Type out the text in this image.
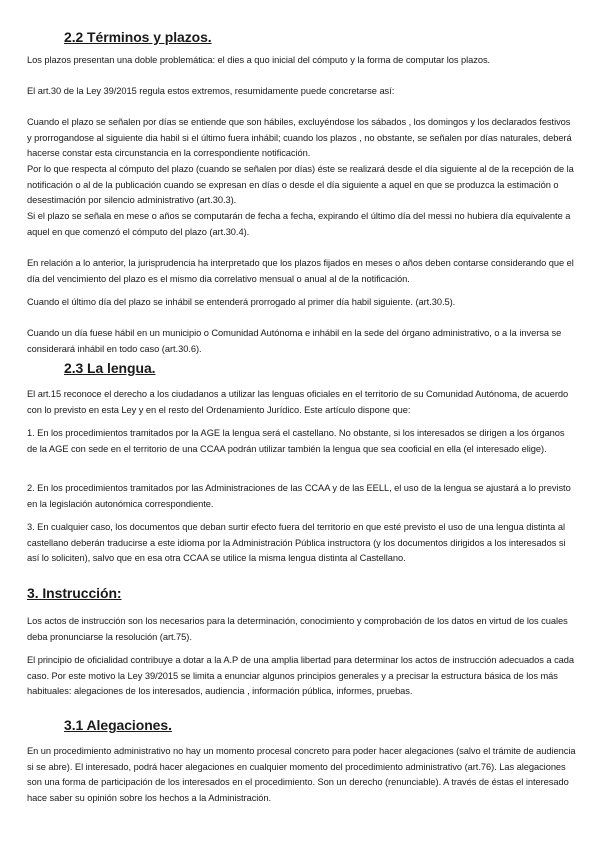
2.2 Términos y plazos.

Los plazos presentan una doble problemática: el dies a quo inicial del cómputo y la forma de computar los plazos.

El art.30 de la Ley 39/2015 regula estos extremos, resumidamente puede concretarse así:

Cuando el plazo se señalen por días se entiende que son hábiles, excluyéndose los sábados , los domingos y los declarados festivos y prorrogandose al siguiente dia habil si el último fuera inhábil; cuando los plazos , no obstante, se señalen por días naturales, deberá hacerse constar esta circunstancia en la correspondiente notificación.

Por lo que respecta al cómputo del plazo (cuando se señalen por días) éste se realizará desde el día siguiente al de la recepción de la notificación o al de la publicación cuando se expresan en días o desde el día siguiente a aquel en que se produzca la estimación o desestimación por silencio administrativo (art.30.3).

Si el plazo se señala en mese o años se computarán de fecha a fecha, expirando el último día del messi no hubiera día equivalente a aquel en que comenzó el cómputo del plazo (art.30.4).

En relación a lo anterior, la jurisprudencia ha interpretado que los plazos fijados en meses o años deben contarse considerando que el día del vencimiento del plazo es el mismo dia correlativo mensual o anual al de la notificación.

Cuando el último día del plazo se inhábil se entenderá prorrogado al primer día habil siguiente. (art.30.5).

Cuando un día fuese hábil en un municipio o Comunidad Autónoma e inhábil en la sede del órgano administrativo, o a la inversa se considerará inhábil en todo caso (art.30.6).

2.3 La lengua.

El art.15 reconoce el derecho a los ciudadanos a utilizar las lenguas oficiales en el territorio de su Comunidad Autónoma, de acuerdo con lo previsto en esta Ley y en el resto del Ordenamiento Jurídico. Este artículo dispone que:

1. En los procedimientos tramitados por la AGE la lengua será el castellano. No obstante, si los interesados se dirigen a los órganos de la AGE con sede en el territorio de una CCAA podrán utilizar también la lengua que sea cooficial en ella (el interesado elige).

2. En los procedimientos tramitados por las Administraciones de las CCAA y de las EELL, el uso de la lengua se ajustará a lo previsto en la legislación autonómica correspondiente.

3. En cualquier caso, los documentos que deban surtir efecto fuera del territorio en que esté previsto el uso de una lengua distinta al castellano deberán traducirse a este idioma por la Administración Pública instructora (y los documentos dirigidos a los interesados si así lo soliciten), salvo que en esa otra CCAA se utilice la misma lengua distinta al Castellano.

3. Instrucción:

Los actos de instrucción son los necesarios para la determinación, conocimiento y comprobación de los datos en virtud de los cuales deba pronunciarse la resolución (art.75).

El principio de oficialidad contribuye a dotar a la A.P de una amplia libertad para determinar los actos de instrucción adecuados a cada caso. Por este motivo la Ley 39/2015 se limita a enunciar algunos principios generales y a precisar la estructura básica de los más habituales: alegaciones de los interesados, audiencia , información pública, informes, pruebas.

3.1 Alegaciones.

En un procedimiento administrativo no hay un momento procesal concreto para poder hacer alegaciones (salvo el trámite de audiencia si se abre). El interesado, podrá hacer alegaciones en cualquier momento del procedimiento administrativo (art.76). Las alegaciones son una forma de participación de los interesados en el procedimiento. Son un derecho (renunciable). A través de éstas el interesado hace saber su opinión sobre los hechos a la Administración.
